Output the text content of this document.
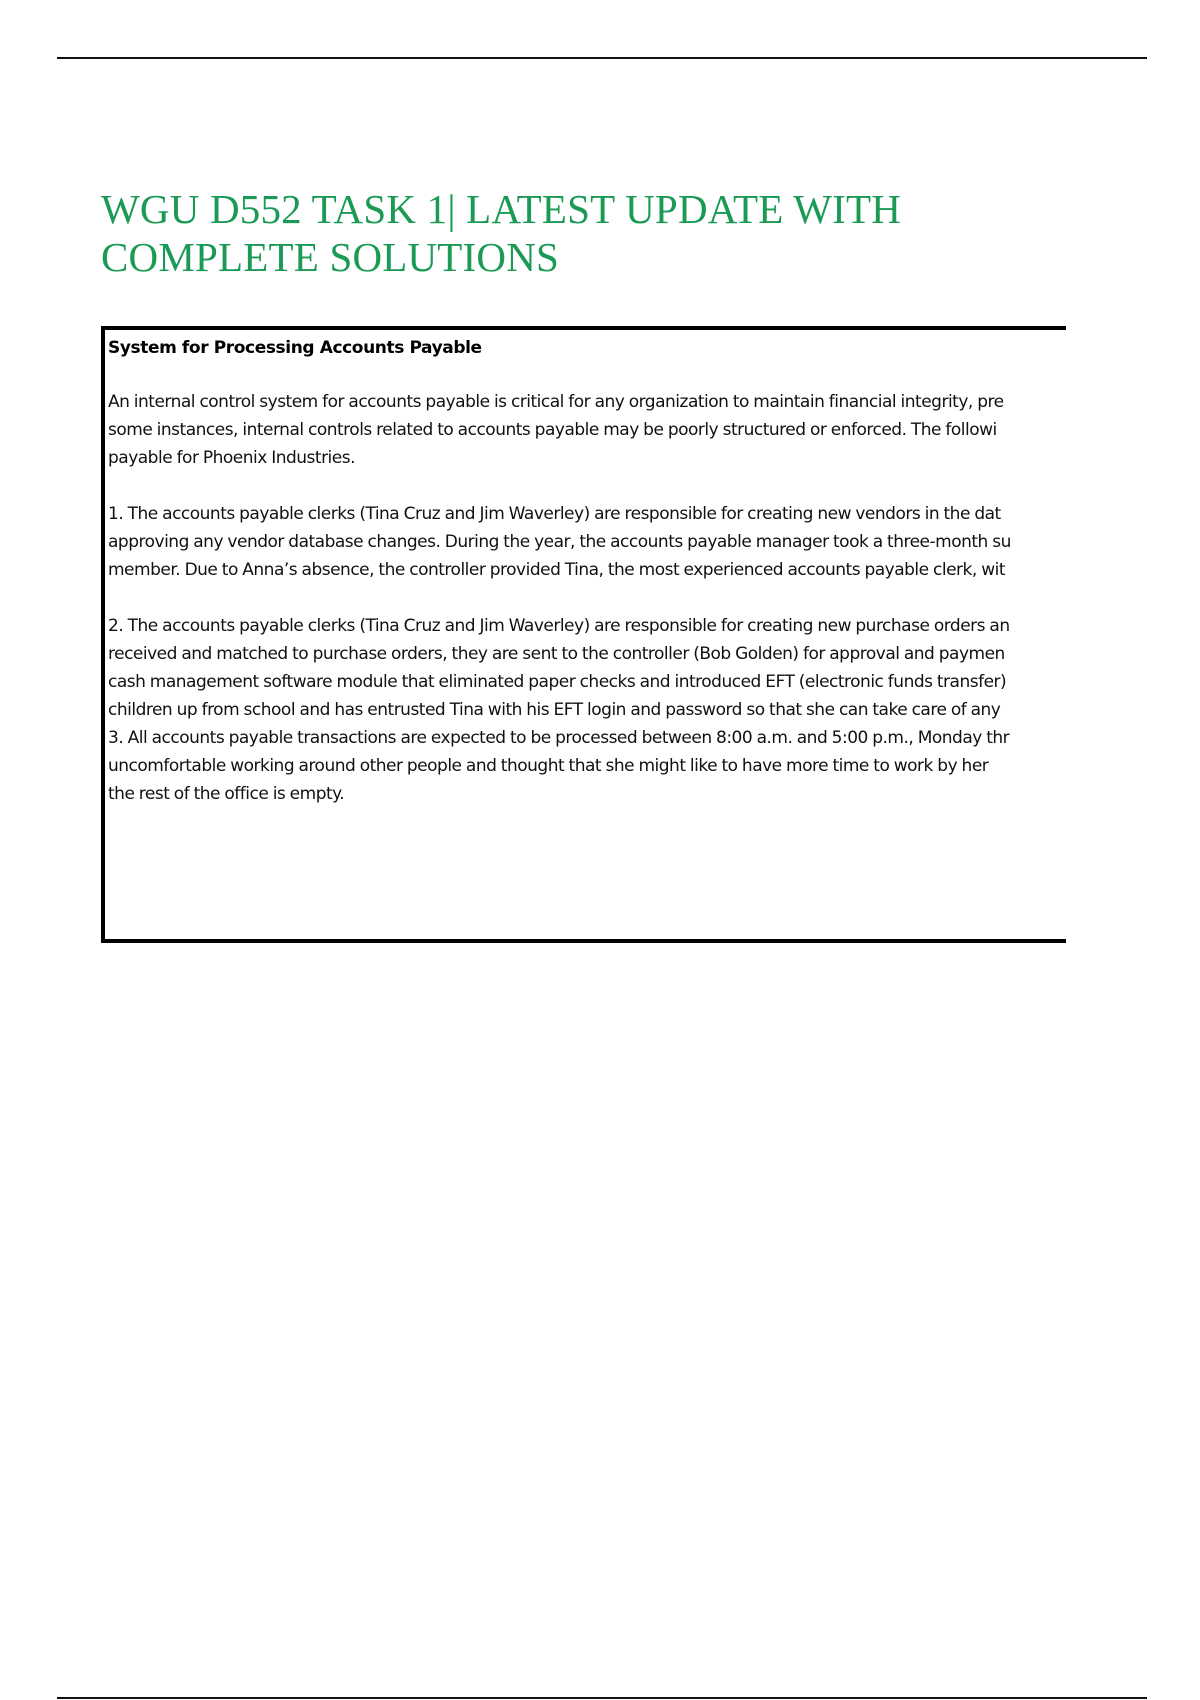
WGU D552 TASK 1| LATEST UPDATE WITH
COMPLETE SOLUTIONS

System for Processing Accounts Payable

An internal control system for accounts payable is critical for any organization to maintain financial integrity, pre
some instances, internal controls related to accounts payable may be poorly structured or enforced. The followi
payable for Phoenix Industries.

1. The accounts payable clerks (Tina Cruz and Jim Waverley) are responsible for creating new vendors in the dat
approving any vendor database changes. During the year, the accounts payable manager took a three-month su
member. Due to Anna’s absence, the controller provided Tina, the most experienced accounts payable clerk, wit

2. The accounts payable clerks (Tina Cruz and Jim Waverley) are responsible for creating new purchase orders an
received and matched to purchase orders, they are sent to the controller (Bob Golden) for approval and paymen
cash management software module that eliminated paper checks and introduced EFT (electronic funds transfer)
children up from school and has entrusted Tina with his EFT login and password so that she can take care of any

3. All accounts payable transactions are expected to be processed between 8:00 a.m. and 5:00 p.m., Monday thr
uncomfortable working around other people and thought that she might like to have more time to work by her
the rest of the office is empty.
